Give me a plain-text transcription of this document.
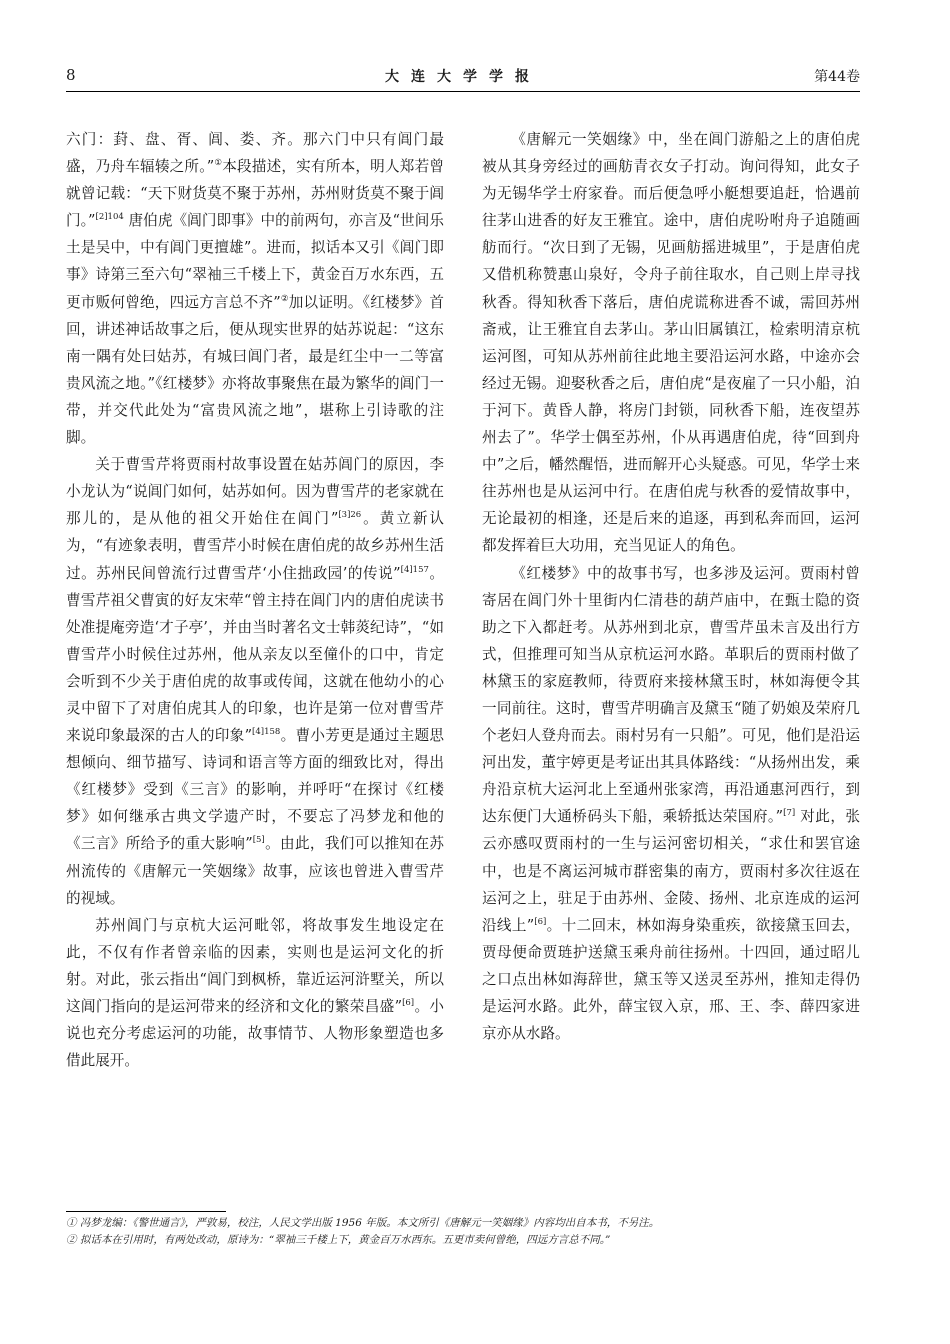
8	大连大学学报	第44卷

六门：葑、盘、胥、阊、娄、齐。那六门中只有阊门最盛，乃舟车辐辏之所。”①本段描述，实有所本，明人郑若曾就曾记载：“天下财货莫不聚于苏州，苏州财货莫不聚于阊门。”$^{[2]104}$ 唐伯虎《阊门即事》中的前两句，亦言及“世间乐土是吴中，中有阊门更擅雄”。进而，拟话本又引《阊门即事》诗第三至六句“翠袖三千楼上下，黄金百万水东西，五更市贩何曾绝，四远方言总不齐”②加以证明。《红楼梦》首回，讲述神话故事之后，便从现实世界的姑苏说起：“这东南一隅有处曰姑苏，有城曰阊门者，最是红尘中一二等富贵风流之地。”《红楼梦》亦将故事聚焦在最为繁华的阊门一带，并交代此处为“富贵风流之地”，堪称上引诗歌的注脚。

关于曹雪芹将贾雨村故事设置在姑苏阊门的原因，李小龙认为“说阊门如何，姑苏如何。因为曹雪芹的老家就在那儿的，是从他的祖父开始住在阊门”$^{[3]26}$。黄立新认为，“有迹象表明，曹雪芹小时候在唐伯虎的故乡苏州生活过。苏州民间曾流行过曹雪芹‘小住拙政园’的传说”$^{[4]157}$。曹雪芹祖父曹寅的好友宋荦“曾主持在阊门内的唐伯虎读书处准提庵旁造‘才子亭’，并由当时著名文士韩菼纪诗”，“如曹雪芹小时候住过苏州，他从亲友以至僮仆的口中，肯定会听到不少关于唐伯虎的故事或传闻，这就在他幼小的心灵中留下了对唐伯虎其人的印象，也许是第一位对曹雪芹来说印象最深的古人的印象”$^{[4]158}$。曹小芳更是通过主题思想倾向、细节描写、诗词和语言等方面的细致比对，得出《红楼梦》受到《三言》的影响，并呼吁“在探讨《红楼梦》如何继承古典文学遗产时，不要忘了冯梦龙和他的《三言》所给予的重大影响”[5]。由此，我们可以推知在苏州流传的《唐解元一笑姻缘》故事，应该也曾进入曹雪芹的视域。

苏州阊门与京杭大运河毗邻，将故事发生地设定在此，不仅有作者曾亲临的因素，实则也是运河文化的折射。对此，张云指出“阊门到枫桥，靠近运河浒墅关，所以这阊门指向的是运河带来的经济和文化的繁荣昌盛”[6]。小说也充分考虑运河的功能，故事情节、人物形象塑造也多借此展开。

《唐解元一笑姻缘》中，坐在阊门游船之上的唐伯虎被从其身旁经过的画舫青衣女子打动。询问得知，此女子为无锡华学士府家眷。而后便急呼小艇想要追赶，恰遇前往茅山进香的好友王雅宜。途中，唐伯虎吩咐舟子追随画舫而行。“次日到了无锡，见画舫摇进城里”，于是唐伯虎又借机称赞惠山泉好，令舟子前往取水，自己则上岸寻找秋香。得知秋香下落后，唐伯虎谎称进香不诚，需回苏州斋戒，让王雅宜自去茅山。茅山旧属镇江，检索明清京杭运河图，可知从苏州前往此地主要沿运河水路，中途亦会经过无锡。迎娶秋香之后，唐伯虎“是夜雇了一只小船，泊于河下。黄昏人静，将房门封锁，同秋香下船，连夜望苏州去了”。华学士偶至苏州，仆从再遇唐伯虎，待“回到舟中”之后，幡然醒悟，进而解开心头疑惑。可见，华学士来往苏州也是从运河中行。在唐伯虎与秋香的爱情故事中，无论最初的相逢，还是后来的追逐，再到私奔而回，运河都发挥着巨大功用，充当见证人的角色。

《红楼梦》中的故事书写，也多涉及运河。贾雨村曾寄居在阊门外十里街内仁清巷的葫芦庙中，在甄士隐的资助之下入都赶考。从苏州到北京，曹雪芹虽未言及出行方式，但推理可知当从京杭运河水路。革职后的贾雨村做了林黛玉的家庭教师，待贾府来接林黛玉时，林如海便令其一同前往。这时，曹雪芹明确言及黛玉“随了奶娘及荣府几个老妇人登舟而去。雨村另有一只船”。可见，他们是沿运河出发，董宇婷更是考证出其具体路线：“从扬州出发，乘舟沿京杭大运河北上至通州张家湾，再沿通惠河西行，到达东便门大通桥码头下船，乘轿抵达荣国府。”[7] 对此，张云亦感叹贾雨村的一生与运河密切相关，“求仕和罢官途中，也是不离运河城市群密集的南方，贾雨村多次往返在运河之上，驻足于由苏州、金陵、扬州、北京连成的运河沿线上”[6]。十二回末，林如海身染重疾，欲接黛玉回去，贾母便命贾琏护送黛玉乘舟前往扬州。十四回，通过昭儿之口点出林如海辞世，黛玉等又送灵至苏州，推知走得仍是运河水路。此外，薛宝钗入京，邢、王、李、薛四家进京亦从水路。

① 冯梦龙编：《警世通言》，严敦易，校注，人民文学出版 1956 年版。本文所引《唐解元一笑姻缘》内容均出自本书，不另注。
② 拟话本在引用时，有两处改动，原诗为：“翠袖三千楼上下，黄金百万水西东。五更市卖何曾绝，四远方言总不同。”
